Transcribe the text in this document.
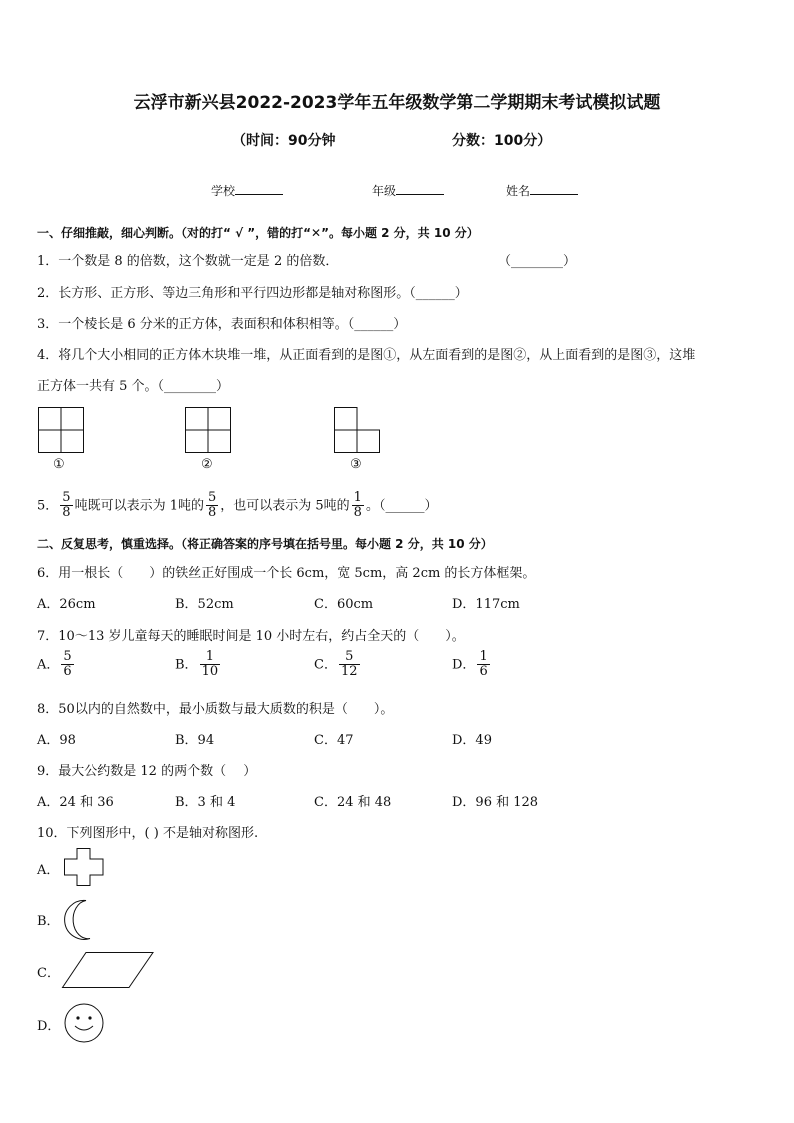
云浮市新兴县2022-2023学年五年级数学第二学期期末考试模拟试题
（时间：90分钟	分数：100分）
学校	年级	姓名
一、仔细推敲，细心判断。（对的打“ √ ”，错的打“✕”。每小题 2 分，共 10 分）
1．一个数是 8 的倍数，这个数就一定是 2 的倍数．	（________）
2．长方形、正方形、等边三角形和平行四边形都是轴对称图形。（______）
3．一个棱长是 6 分米的正方体，表面积和体积相等。（______）
4．将几个大小相同的正方体木块堆一堆，从正面看到的是图①，从左面看到的是图②，从上面看到的是图③，这堆
正方体一共有 5 个。（________）
①	②	③
5． $\frac{5}{8}$ 吨既可以表示为 1吨的 $\frac{5}{8}$ ，也可以表示为 5吨的 $\frac{1}{8}$ 。（______）
二、反复思考，慎重选择。（将正确答案的序号填在括号里。每小题 2 分，共 10 分）
6．用一根长（　　）的铁丝正好围成一个长 6cm，宽 5cm，高 2cm 的长方体框架。
A．26cm	B．52cm	C．60cm	D．117cm
7．10～13 岁儿童每天的睡眠时间是 10 小时左右，约占全天的（　　）。
A． $\frac{5}{6}$	B． $\frac{1}{10}$	C． $\frac{5}{12}$	D． $\frac{1}{6}$
8．50以内的自然数中，最小质数与最大质数的积是（　　）。
A．98	B．94	C．47	D．49
9．最大公约数是 12 的两个数（　 ）
A．24 和 36	B．3 和 4	C．24 和 48	D．96 和 128
10．下列图形中，( ) 不是轴对称图形.
A．
B．
C．
D．
